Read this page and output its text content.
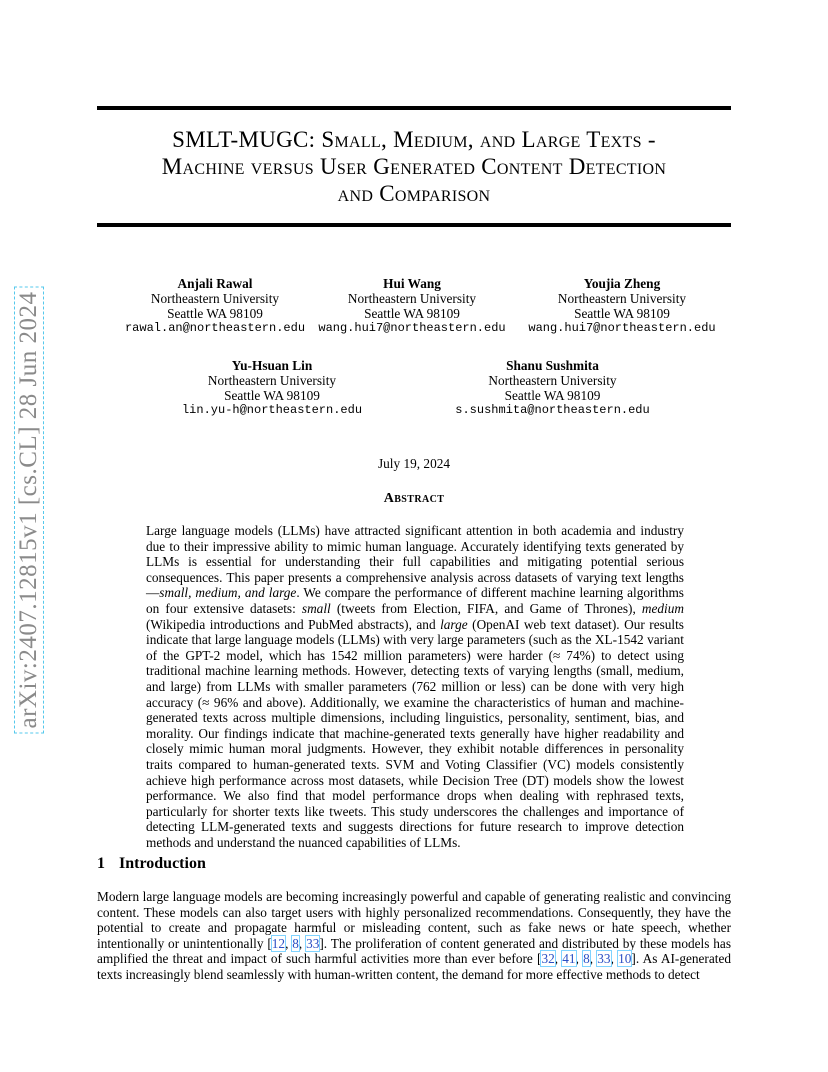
arXiv:2407.12815v1 [cs.CL] 28 Jun 2024
SMLT-MUGC: Small, Medium, and Large Texts -
Machine versus User Generated Content Detection
and Comparison
Anjali Rawal
Northeastern University
Seattle WA 98109
rawal.an@northeastern.edu
Hui Wang
Northeastern University
Seattle WA 98109
wang.hui7@northeastern.edu
Youjia Zheng
Northeastern University
Seattle WA 98109
wang.hui7@northeastern.edu
Yu-Hsuan Lin
Northeastern University
Seattle WA 98109
lin.yu-h@northeastern.edu
Shanu Sushmita
Northeastern University
Seattle WA 98109
s.sushmita@northeastern.edu
July 19, 2024
Abstract

Large language models (LLMs) have attracted significant attention in both academia and industry due to their impressive ability to mimic human language. Accurately identifying texts generated by LLMs is essential for understanding their full capabilities and mitigating potential serious consequences. This paper presents a comprehensive analysis across datasets of varying text lengths—small, medium, and large. We compare the performance of different machine learning algorithms on four extensive datasets: small (tweets from Election, FIFA, and Game of Thrones), medium (Wikipedia introductions and PubMed abstracts), and large (OpenAI web text dataset). Our results indicate that large language models (LLMs) with very large parameters (such as the XL-1542 variant of the GPT-2 model, which has 1542 million parameters) were harder (≈ 74%) to detect using traditional machine learning methods. However, detecting texts of varying lengths (small, medium, and large) from LLMs with smaller parameters (762 million or less) can be done with very high accuracy (≈ 96% and above). Additionally, we examine the characteristics of human and machine-generated texts across multiple dimensions, including linguistics, personality, sentiment, bias, and morality. Our findings indicate that machine-generated texts generally have higher readability and closely mimic human moral judgments. However, they exhibit notable differences in personality traits compared to human-generated texts. SVM and Voting Classifier (VC) models consistently achieve high performance across most datasets, while Decision Tree (DT) models show the lowest performance. We also find that model performance drops when dealing with rephrased texts, particularly for shorter texts like tweets. This study underscores the challenges and importance of detecting LLM-generated texts and suggests directions for future research to improve detection methods and understand the nuanced capabilities of LLMs.

1 Introduction

Modern large language models are becoming increasingly powerful and capable of generating realistic and convincing content. These models can also target users with highly personalized recommendations. Consequently, they have the potential to create and propagate harmful or misleading content, such as fake news or hate speech, whether intentionally or unintentionally [12, 8, 33]. The proliferation of content generated and distributed by these models has amplified the threat and impact of such harmful activities more than ever before [32, 41, 8, 33, 10]. As AI-generated texts increasingly blend seamlessly with human-written content, the demand for more effective methods to detect
